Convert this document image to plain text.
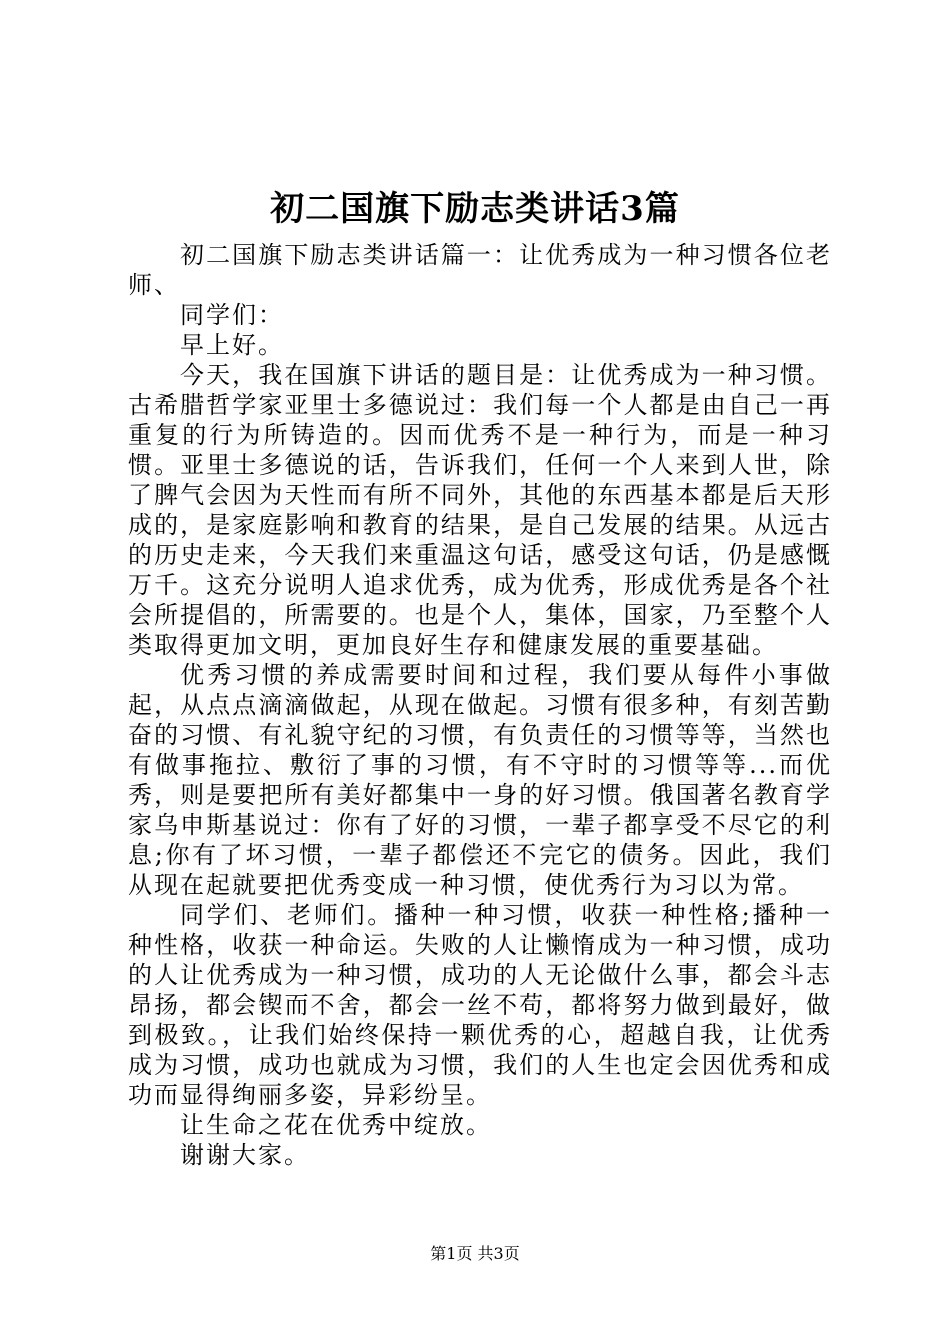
初二国旗下励志类讲话3篇

初二国旗下励志类讲话篇一：让优秀成为一种习惯各位老师、

同学们：

早上好。

今天，我在国旗下讲话的题目是：让优秀成为一种习惯。古希腊哲学家亚里士多德说过：我们每一个人都是由自己一再重复的行为所铸造的。因而优秀不是一种行为，而是一种习惯。亚里士多德说的话，告诉我们，任何一个人来到人世，除了脾气会因为天性而有所不同外，其他的东西基本都是后天形成的，是家庭影响和教育的结果，是自己发展的结果。从远古的历史走来，今天我们来重温这句话，感受这句话，仍是感慨万千。这充分说明人追求优秀，成为优秀，形成优秀是各个社会所提倡的，所需要的。也是个人，集体，国家，乃至整个人类取得更加文明，更加良好生存和健康发展的重要基础。

优秀习惯的养成需要时间和过程，我们要从每件小事做起，从点点滴滴做起，从现在做起。习惯有很多种，有刻苦勤奋的习惯、有礼貌守纪的习惯，有负责任的习惯等等，当然也有做事拖拉、敷衍了事的习惯，有不守时的习惯等等...而优秀，则是要把所有美好都集中一身的好习惯。俄国著名教育学家乌申斯基说过：你有了好的习惯，一辈子都享受不尽它的利息;你有了坏习惯，一辈子都偿还不完它的债务。因此，我们从现在起就要把优秀变成一种习惯，使优秀行为习以为常。

同学们、老师们。播种一种习惯，收获一种性格;播种一种性格，收获一种命运。失败的人让懒惰成为一种习惯，成功的人让优秀成为一种习惯，成功的人无论做什么事，都会斗志昂扬，都会锲而不舍，都会一丝不苟，都将努力做到最好，做到极致。，让我们始终保持一颗优秀的心，超越自我，让优秀成为习惯，成功也就成为习惯，我们的人生也定会因优秀和成功而显得绚丽多姿，异彩纷呈。

让生命之花在优秀中绽放。

谢谢大家。

第1页 共3页
